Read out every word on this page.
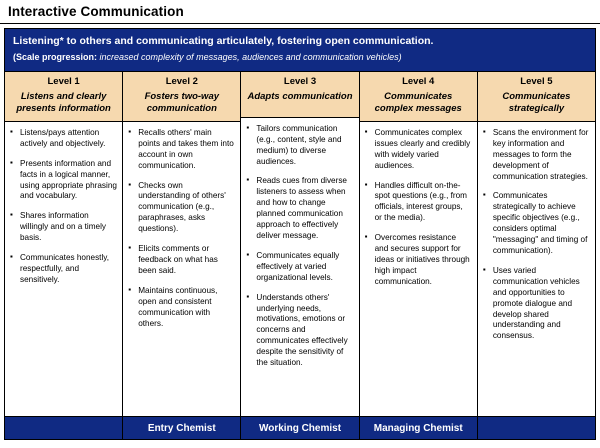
Interactive Communication
Listening* to others and communicating articulately, fostering open communication.
(Scale progression: increased complexity of messages, audiences and communication vehicles)
Level 1
Listens and clearly presents information
▪ Listens/pays attention actively and objectively.
▪ Presents information and facts in a logical manner, using appropriate phrasing and vocabulary.
▪ Shares information willingly and on a timely basis.
▪ Communicates honestly, respectfully, and sensitively.
Level 2
Fosters two-way communication
▪ Recalls others' main points and takes them into account in own communication.
▪ Checks own understanding of others' communication (e.g., paraphrases, asks questions).
▪ Elicits comments or feedback on what has been said.
▪ Maintains continuous, open and consistent communication with others.
Level 3
Adapts communication
▪ Tailors communication (e.g., content, style and medium) to diverse audiences.
▪ Reads cues from diverse listeners to assess when and how to change planned communication approach to effectively deliver message.
▪ Communicates equally effectively at varied organizational levels.
▪ Understands others' underlying needs, motivations, emotions or concerns and communicates effectively despite the sensitivity of the situation.
Level 4
Communicates complex messages
▪ Communicates complex issues clearly and credibly with widely varied audiences.
▪ Handles difficult on-the-spot questions (e.g., from officials, interest groups, or the media).
▪ Overcomes resistance and secures support for ideas or initiatives through high impact communication.
Level 5
Communicates strategically
▪ Scans the environment for key information and messages to form the development of communication strategies.
▪ Communicates strategically to achieve specific objectives (e.g., considers optimal "messaging" and timing of communication).
▪ Uses varied communication vehicles and opportunities to promote dialogue and develop shared understanding and consensus.
Entry Chemist	Working Chemist	Managing Chemist
